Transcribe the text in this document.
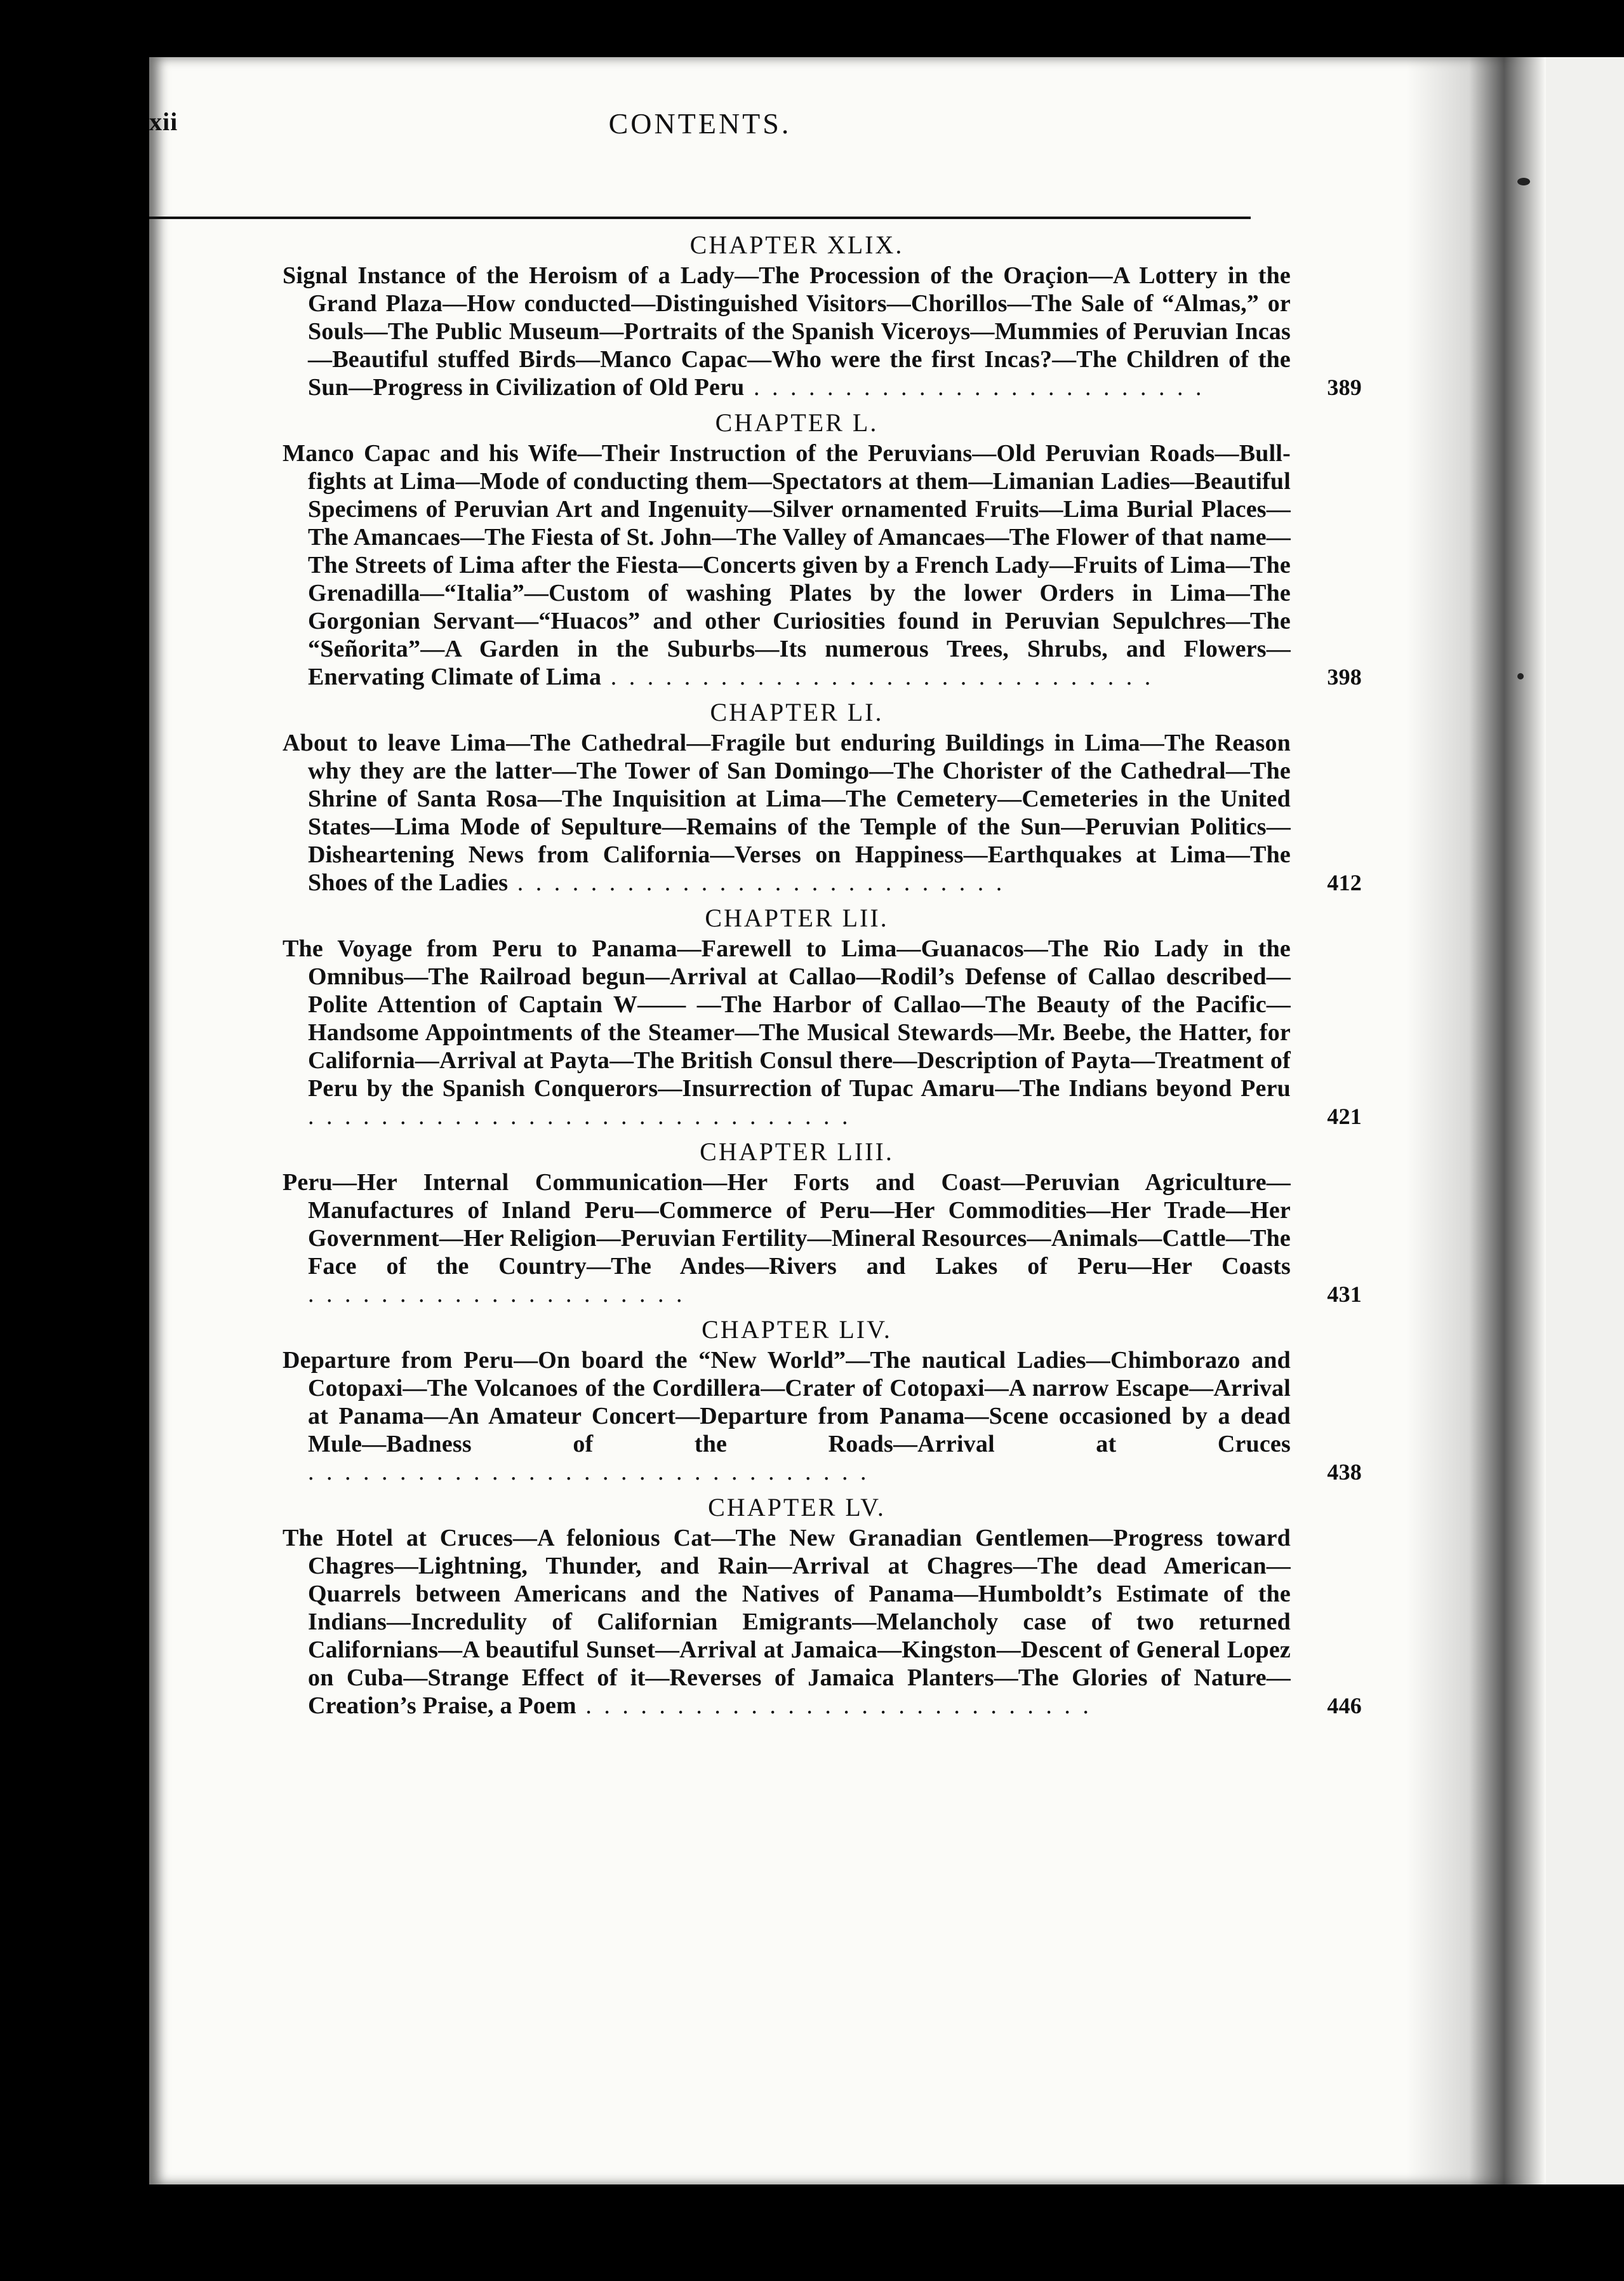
xii	CONTENTS.
CHAPTER XLIX.
Signal Instance of the Heroism of a Lady—The Procession of the Oraçion—A Lottery in the Grand Plaza—How conducted—Distinguished Visitors—Chorillos—The Sale of “Almas,” or Souls—The Public Museum—Portraits of the Spanish Viceroys—Mummies of Peruvian Incas—Beautiful stuffed Birds—Manco Capac—Who were the first Incas?—The Children of the Sun—Progress in Civilization of Old Peru . . . . . . . . . . . . . . . . . . . . . . . . .	389
CHAPTER L.
Manco Capac and his Wife—Their Instruction of the Peruvians—Old Peruvian Roads—Bull-fights at Lima—Mode of conducting them—Spectators at them—Limanian Ladies—Beautiful Specimens of Peruvian Art and Ingenuity—Silver ornamented Fruits—Lima Burial Places—The Amancaes—The Fiesta of St. John—The Valley of Amancaes—The Flower of that name—The Streets of Lima after the Fiesta—Concerts given by a French Lady—Fruits of Lima—The Grenadilla—“Italia”—Custom of washing Plates by the lower Orders in Lima—The Gorgonian Servant—“Huacos” and other Curiosities found in Peruvian Sepulchres—The “Señorita”—A Garden in the Suburbs—Its numerous Trees, Shrubs, and Flowers—Enervating Climate of Lima . . . . . . . . . . . . . . . . . . . . . . . . . . . . . .	398
CHAPTER LI.
About to leave Lima—The Cathedral—Fragile but enduring Buildings in Lima—The Reason why they are the latter—The Tower of San Domingo—The Chorister of the Cathedral—The Shrine of Santa Rosa—The Inquisition at Lima—The Cemetery—Cemeteries in the United States—Lima Mode of Sepulture—Remains of the Temple of the Sun—Peruvian Politics—Disheartening News from California—Verses on Happiness—Earthquakes at Lima—The Shoes of the Ladies . . . . . . . . . . . . . . . . . . . . . . . . . . .	412
CHAPTER LII.
The Voyage from Peru to Panama—Farewell to Lima—Guanacos—The Rio Lady in the Omnibus—The Railroad begun—Arrival at Callao—Rodil’s Defense of Callao described—Polite Attention of Captain W—— —The Harbor of Callao—The Beauty of the Pacific—Handsome Appointments of the Steamer—The Musical Stewards—Mr. Beebe, the Hatter, for California—Arrival at Payta—The British Consul there—Description of Payta—Treatment of Peru by the Spanish Conquerors—Insurrection of Tupac Amaru—The Indians beyond Peru . . . . . . . . . . . . . . . . . . . . . . . . . . . . . .	421
CHAPTER LIII.
Peru—Her Internal Communication—Her Forts and Coast—Peruvian Agriculture—Manufactures of Inland Peru—Commerce of Peru—Her Commodities—Her Trade—Her Government—Her Religion—Peruvian Fertility—Mineral Resources—Animals—Cattle—The Face of the Country—The Andes—Rivers and Lakes of Peru—Her Coasts . . . . . . . . . . . . . . . . . . . . .	431
CHAPTER LIV.
Departure from Peru—On board the “New World”—The nautical Ladies—Chimborazo and Cotopaxi—The Volcanoes of the Cordillera—Crater of Cotopaxi—A narrow Escape—Arrival at Panama—An Amateur Concert—Departure from Panama—Scene occasioned by a dead Mule—Badness of the Roads—Arrival at Cruces . . . . . . . . . . . . . . . . . . . . . . . . . . . . . . .	438
CHAPTER LV.
The Hotel at Cruces—A felonious Cat—The New Granadian Gentlemen—Progress toward Chagres—Lightning, Thunder, and Rain—Arrival at Chagres—The dead American—Quarrels between Americans and the Natives of Panama—Humboldt’s Estimate of the Indians—Incredulity of Californian Emigrants—Melancholy case of two returned Californians—A beautiful Sunset—Arrival at Jamaica—Kingston—Descent of General Lopez on Cuba—Strange Effect of it—Reverses of Jamaica Planters—The Glories of Nature—Creation’s Praise, a Poem . . . . . . . . . . . . . . . . . . . . . . . . . . . .	446
